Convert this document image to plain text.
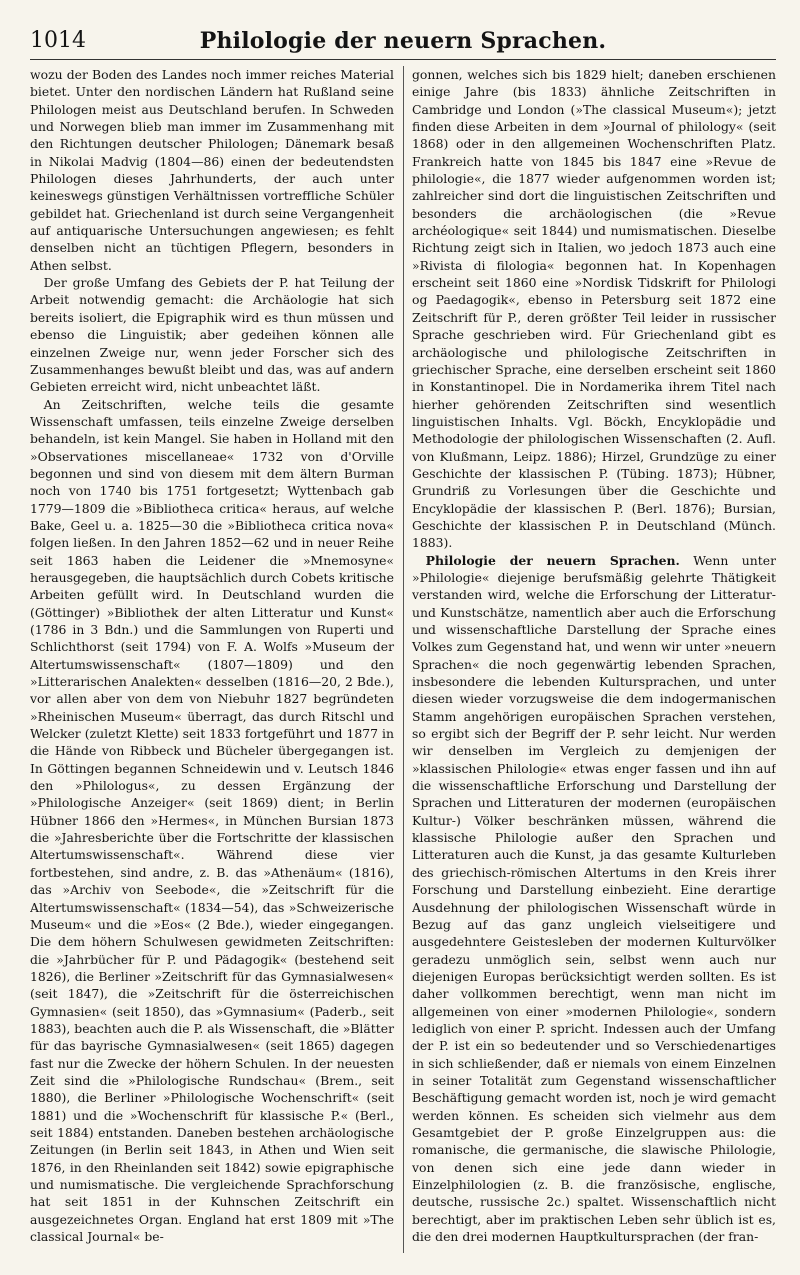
1014	Philologie der neuern Sprachen.

wozu der Boden des Landes noch immer reiches Material bietet. Unter den nordischen Ländern hat Rußland seine Philologen meist aus Deutschland berufen. In Schweden und Norwegen blieb man immer im Zusammenhang mit den Richtungen deutscher Philologen; Dänemark besaß in Nikolai Madvig (1804—86) einen der bedeutendsten Philologen dieses Jahrhunderts, der auch unter keineswegs günstigen Verhältnissen vortreffliche Schüler gebildet hat. Griechenland ist durch seine Vergangenheit auf antiquarische Untersuchungen angewiesen; es fehlt denselben nicht an tüchtigen Pflegern, besonders in Athen selbst.

Der große Umfang des Gebiets der P. hat Teilung der Arbeit notwendig gemacht: die Archäologie hat sich bereits isoliert, die Epigraphik wird es thun müssen und ebenso die Linguistik; aber gedeihen können alle einzelnen Zweige nur, wenn jeder Forscher sich des Zusammenhanges bewußt bleibt und das, was auf andern Gebieten erreicht wird, nicht unbeachtet läßt.

An Zeitschriften, welche teils die gesamte Wissenschaft umfassen, teils einzelne Zweige derselben behandeln, ist kein Mangel. Sie haben in Holland mit den »Observationes miscellaneae« 1732 von d'Orville begonnen und sind von diesem mit dem ältern Burman noch von 1740 bis 1751 fortgesetzt; Wyttenbach gab 1779—1809 die »Bibliotheca critica« heraus, auf welche Bake, Geel u. a. 1825—30 die »Bibliotheca critica nova« folgen ließen. In den Jahren 1852—62 und in neuer Reihe seit 1863 haben die Leidener die »Mnemosyne« herausgegeben, die hauptsächlich durch Cobets kritische Arbeiten gefüllt wird. In Deutschland wurden die (Göttinger) »Bibliothek der alten Litteratur und Kunst« (1786 in 3 Bdn.) und die Sammlungen von Ruperti und Schlichthorst (seit 1794) von F. A. Wolfs »Museum der Altertumswissenschaft« (1807—1809) und den »Litterarischen Analekten« desselben (1816—20, 2 Bde.), vor allen aber von dem von Niebuhr 1827 begründeten »Rheinischen Museum« überragt, das durch Ritschl und Welcker (zuletzt Klette) seit 1833 fortgeführt und 1877 in die Hände von Ribbeck und Bücheler übergegangen ist. In Göttingen begannen Schneidewin und v. Leutsch 1846 den »Philologus«, zu dessen Ergänzung der »Philologische Anzeiger« (seit 1869) dient; in Berlin Hübner 1866 den »Hermes«, in München Bursian 1873 die »Jahresberichte über die Fortschritte der klassischen Altertumswissenschaft«. Während diese vier fortbestehen, sind andre, z. B. das »Athenäum« (1816), das »Archiv von Seebode«, die »Zeitschrift für die Altertumswissenschaft« (1834—54), das »Schweizerische Museum« und die »Eos« (2 Bde.), wieder eingegangen. Die dem höhern Schulwesen gewidmeten Zeitschriften: die »Jahrbücher für P. und Pädagogik« (bestehend seit 1826), die Berliner »Zeitschrift für das Gymnasialwesen« (seit 1847), die »Zeitschrift für die österreichischen Gymnasien« (seit 1850), das »Gymnasium« (Paderb., seit 1883), beachten auch die P. als Wissenschaft, die »Blätter für das bayrische Gymnasialwesen« (seit 1865) dagegen fast nur die Zwecke der höhern Schulen. In der neuesten Zeit sind die »Philologische Rundschau« (Brem., seit 1880), die Berliner »Philologische Wochenschrift« (seit 1881) und die »Wochenschrift für klassische P.« (Berl., seit 1884) entstanden. Daneben bestehen archäologische Zeitungen (in Berlin seit 1843, in Athen und Wien seit 1876, in den Rheinlanden seit 1842) sowie epigraphische und numismatische. Die vergleichende Sprachforschung hat seit 1851 in der Kuhnschen Zeitschrift ein ausgezeichnetes Organ. England hat erst 1809 mit »The classical Journal« be-

gonnen, welches sich bis 1829 hielt; daneben erschienen einige Jahre (bis 1833) ähnliche Zeitschriften in Cambridge und London (»The classical Museum«); jetzt finden diese Arbeiten in dem »Journal of philology« (seit 1868) oder in den allgemeinen Wochenschriften Platz. Frankreich hatte von 1845 bis 1847 eine »Revue de philologie«, die 1877 wieder aufgenommen worden ist; zahlreicher sind dort die linguistischen Zeitschriften und besonders die archäologischen (die »Revue archéologique« seit 1844) und numismatischen. Dieselbe Richtung zeigt sich in Italien, wo jedoch 1873 auch eine »Rivista di filologia« begonnen hat. In Kopenhagen erscheint seit 1860 eine »Nordisk Tidskrift for Philologi og Paedagogik«, ebenso in Petersburg seit 1872 eine Zeitschrift für P., deren größter Teil leider in russischer Sprache geschrieben wird. Für Griechenland gibt es archäologische und philologische Zeitschriften in griechischer Sprache, eine derselben erscheint seit 1860 in Konstantinopel. Die in Nordamerika ihrem Titel nach hierher gehörenden Zeitschriften sind wesentlich linguistischen Inhalts. Vgl. Böckh, Encyklopädie und Methodologie der philologischen Wissenschaften (2. Aufl. von Klußmann, Leipz. 1886); Hirzel, Grundzüge zu einer Geschichte der klassischen P. (Tübing. 1873); Hübner, Grundriß zu Vorlesungen über die Geschichte und Encyklopädie der klassischen P. (Berl. 1876); Bursian, Geschichte der klassischen P. in Deutschland (Münch. 1883).

Philologie der neuern Sprachen. Wenn unter »Philologie« diejenige berufsmäßig gelehrte Thätigkeit verstanden wird, welche die Erforschung der Litteratur- und Kunstschätze, namentlich aber auch die Erforschung und wissenschaftliche Darstellung der Sprache eines Volkes zum Gegenstand hat, und wenn wir unter »neuern Sprachen« die noch gegenwärtig lebenden Sprachen, insbesondere die lebenden Kultursprachen, und unter diesen wieder vorzugsweise die dem indogermanischen Stamm angehörigen europäischen Sprachen verstehen, so ergibt sich der Begriff der P. sehr leicht. Nur werden wir denselben im Vergleich zu demjenigen der »klassischen Philologie« etwas enger fassen und ihn auf die wissenschaftliche Erforschung und Darstellung der Sprachen und Litteraturen der modernen (europäischen Kultur-) Völker beschränken müssen, während die klassische Philologie außer den Sprachen und Litteraturen auch die Kunst, ja das gesamte Kulturleben des griechisch-römischen Altertums in den Kreis ihrer Forschung und Darstellung einbezieht. Eine derartige Ausdehnung der philologischen Wissenschaft würde in Bezug auf das ganz ungleich vielseitigere und ausgedehntere Geistesleben der modernen Kulturvölker geradezu unmöglich sein, selbst wenn auch nur diejenigen Europas berücksichtigt werden sollten. Es ist daher vollkommen berechtigt, wenn man nicht im allgemeinen von einer »modernen Philologie«, sondern lediglich von einer P. spricht. Indessen auch der Umfang der P. ist ein so bedeutender und so Verschiedenartiges in sich schließender, daß er niemals von einem Einzelnen in seiner Totalität zum Gegenstand wissenschaftlicher Beschäftigung gemacht worden ist, noch je wird gemacht werden können. Es scheiden sich vielmehr aus dem Gesamtgebiet der P. große Einzelgruppen aus: die romanische, die germanische, die slawische Philologie, von denen sich eine jede dann wieder in Einzelphilologien (z. B. die französische, englische, deutsche, russische 2c.) spaltet. Wissenschaftlich nicht berechtigt, aber im praktischen Leben sehr üblich ist es, die den drei modernen Hauptkultursprachen (der fran-
